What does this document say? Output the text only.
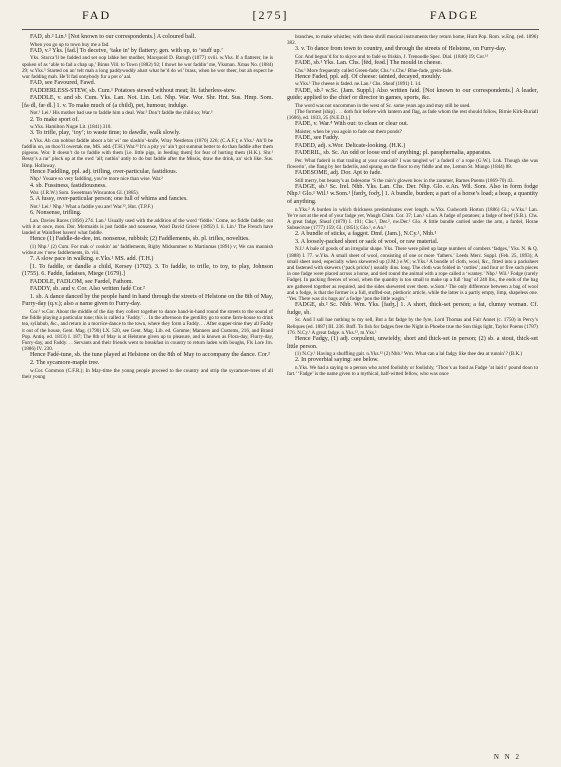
FAD	[275]	FADGE

FAD, sb.² Lin.¹ [Not known to our correspondents.] A coloured ball.

When you go up to town buy me a fad.

FAD, v.² Yks. [fad.] To deceive, ‘take in’ by flattery; gen. with up, to ‘stuff up.’

Yks. Stacca’ll be fadded and set oop lahke her mudher, Macquoid D. Barugh (1877) xviii. w.Yks. If a flatterer, he is spoken of as ‘able to fad a chap up,’ Binns Vill. to Town (1882) 92; I thowt he wor faddin’ me, Yksman. Xmas No. (1884) 29; w.Yks.⁵ Started on an’ telt mah a long paddywoddy abart what he’d do wi’ brass, when he wor theer, but ah expect he wur fadding mah. He’ll fad onnybody fur a pot o’ aal.

FAD, see Favoured, Fawd.

FADDERLESS-STEW, sb. Cum.¹ Potatoes stewed without meat; lit. fatherless-stew.

FADDLE, v. and sb. Cum. Yks. Lan. Not. Lin. Lei. Nhp. War. Wor. Shr. Hnt. Sus. Hmp. Som. [fa·dl, fæ·dl.] 1. v. To make much of (a child), pet, humour, indulge.

Not.¹ Lei.¹ His mother had use to faddle him a deal. War.² Don’t faddle the child so; War.³

2. To make sport of.

w.Yks. Hamilton Nugæ Lit. (1841) 310.

3. To trifle, play, ‘toy’; to waste time; to dawdle, walk slowly.

e.Yks. Ah can nobbut faddle aboot a bit wi’ me slashin’-knife, Wray Nestleton (1876) 226; (C.A.F.); e.Yks.¹ Ah’ll be faddlin on, an thoo’ll owertak me, MS. add. (T.H.) War.²³ It’s a pity yo’ ain’t got summat better to do than faddle after them pigeons. Wor. It doesn’t do to faddle with them [i.e. little pigs, in feeding them] for fear of hurting them (H.K.). Shr.¹ Bessy’s a rar’ pluck up at the owd ’all; nuthin’ antly to do but faddle after the Missis, draw the drink, an’ sich like. Sus. Hmp. Holloway.

Hence Faddling, ppl. adj. trifling, over-particular, fastidious.

Nhp.¹ Youare so very faddling, you’re more nice than wise. War.²

4. sb. Fussiness, fastidiousness.

War. (J.R.W.) Som. Sweetman Wincanton Gl. (1885).

5. A fussy, over-particular person; one full of whims and fancies.

Not.¹ Lei.¹ Nhp.¹ What a faddle you are! War.²³, Hnt. (T.P.F.)

6. Nonsense, trifling.

Lan. Davies Races (1856) 274. Lan.¹ Usually used with the addition of the word ‘fiddle.’ Come, no fiddle faddle; out with it at once, mon. Dor. Mormaids is just faddle and nonsense, Ward David Grieve (1892) I. ii. Lin.¹ The French have landed at Wainfleet haven! what faddle.

Hence (1) Faddle-de-dee, int. nonsense, rubbish; (2) Faddlements, sb. pl. trifles, novelties.

(1) Nhp.¹ (2) Cum. For mak o’ cookin’ an’ faddlements, Rigby Midsummer to Martinmas (1891) v; We can mannish widout aw t’new faddlements, ib. viii.

7. A slow pace in walking. e.Yks.¹ MS. add. (T.H.)

[1. To faddle, or dandle a child, Kersey (1702). 3. To faddle, to trifle, to toy, to play, Johnson (1755). 6. Fadde, fadaises, Miege (1679).]

FADDLE, FADLOM, see Fardel, Fathom.

FADDY, sb. and v. Cor. Also written fadé Cor.²

1. sb. A dance danced by the people hand in hand through the streets of Helstone on the 8th of May, Furry-day (q.v.); also a name given to Furry-day.

Cor.² w.Cor. About the middle of the day they collect together to dance hand-in-hand round the streets to the sound of the fiddle playing a particular tune; this is called a ‘Faddy.’ . . In the afternoon the gentility go to some farm-house to drink tea, syllabub, &c., and return in a morrice-dance to the town, where they form a Faddy. . . After supper-time they all Faddy it out of the house, Gent. Mag. (1790) LX. 520, see Gent. Mag. Lib. ed. Gomme; Manners and Customs, 216, and Brand Pop. Antiq. ed. 1813) I. 187; The 8th of May is at Helstone given up to pleasure, and is known as Flora-day, Flurry-day, Furry-day, and Faddy. . . Servants and their friends went to breakfast in country to return laden with boughs, Fls Lore Jrn. (1886) IV. 230.

Hence Fadé-tune, sb. the tune played at Helstone on the 8th of May to accompany the dance. Cor.²

2. The sycamore-maple tree.

w.Cor. Common (C.F.R.); In May-time the young people proceed to the country and strip the sycamore-trees of all their young

branches, to make whistles; with these shrill musical instruments they return home, Hunt Pop. Rom. w.Eng. (ed. 1896) 382.

3. v. To dance from town to country, and through the streets of Helstone, on Furry-day.

Cor. And begun’d for to skyce and to fadé so friskin, J. Trenoodle Spec. Dial. (1846) 19; Cor.¹²

FADE, sb.¹ Yks. Lan. Chs. [fēd, feəd.] The mould in cheese.

Chs.¹ More frequently called Green-fade; Chs.³ s.Chs.¹ Blue-fade, grein-fade.

Hence Faded, ppl. adj. Of cheese: tainted, decayed, mouldy.

w.Yks.¹ The cheese is faded. ne.Lan.¹ Chs. Sheaf (1891) I. 14.

FADE, sb.² w.Sc. (Jam. Suppl.) Also written faid. [Not known to our correspondents.] A leader, guide; applied to the chief or director in games, sports, &c.

The word was not uncommon in the west of Sc. some years ago and may still be used.

[The formest [ship] . . . doth fuir before with lantern and flag, as fade whom the rest should follow, Birnie Kirk-Buriall (1606), ed. 1833, 25 (N.E.D.).]

FADE, v. War.⁴ With out: to clean or clear out.

Maister, when be you agoin to fade out them ponds?

FADE, see Faddy.

FADED, adj. s.Wor. Delicate-looking. (H.K.)

FADERIL, sb. Sc. An odd or loose end of anything; pl. paraphernalia, apparatus.

Per. What faderil is that trailing at your coat-tail? I was tangled wi’ a faderil o’ a rope (G.W.). Lnk. Though she was flowerin’, she flang by her faderils, and sprang on the floor to my fiddle and me, Lemon St. Mungo (1844) 88.

FADESOME, adj. Dor. Apt to fade.

Still merry, but beauty’s as fadesome ’S the rain’s glowen bow in the zummer, Barnes Poems (1869-70) 43.

FADGE, sb.¹ Sc. Irel. Nhb. Yks. Lan. Chs. Der. Nhp. Glo. e.An. Wil. Som. Also in form fodge Nhp.¹ Glo.¹ Wil.¹ w.Som.¹ [fædʒ, fodʒ.] 1. A bundle, burden; a part of a horse’s load; a heap, a quantity of anything.

n.Yks.² A burden in which thickness predominates over length. w.Yks. Cudworth Horton (1886) Gl.; w.Yks.¹ Lan. Ye’re not at the end of your fadge yet, Waugh Chim. Cor. 37; Lan.¹ s.Lan. A fadge of potatoes; a fadge of beef (S.B.). Chs. A great fadge, Sheaf (1879) I. 191; Chs.¹, Der.², nw.Der.¹ Glo. A little bundle carried under the arm, a fardel, Horae Subsecivae (1777) 159; Gl. (1851); Glo.¹, e.An.¹

2. A bundle of sticks, a faggot. Dmf. (Jam.), N.Cy.¹, Nhb.¹

3. A loosely-packed sheet or sack of wool, or raw material.

N.I.¹ A bale of goods of an irregular shape. Yks. There were piled up large numbers of combers ‘fadges,’ Yks. N. & Q. (1888) I. 77. w.Yks. A small sheet of wool, consisting of one or more ‘fathers.’ Leeds Merc. Suppl. (Feb. 25, 1893); A small sheet used, especially when skewered up (J.M.) e.W.; w.Yks.² A bundle of cloth, wool, &c., fitted into a packsheet and fastened with skewers (‘pack pricks’) usually 4ins. long. The cloth was folded in ‘cuttles’; and four or five such pieces in one fadge were placed across a horse, and tied round the animal with a rope called a ‘wantey.’ Nhp.¹ Wil.¹ Fodge (rarely Fadge). In packing fleeces of wool, when the quantity is too small to make up a full ‘bag’ of 240 lbs., the ends of the bag are gathered together as required, and the sides skewered over them. w.Som.¹ The only difference between a bag of wool and a fodge, is that the former is a full, stuffed-out, plethoric article, while the latter is a partly empty, limp, shapeless one. ‘Yes. There was zix bags an’ a fodge ’pon the little wagin.’

FADGE, sb.² Sc. Nhb. Wm. Yks. [fadʒ.] 1. A short, thick-set person; a fat, clumsy woman. Cf. fudge, sb.

Sc. And I sall hae nothing to my sell, But a fat fadge by the fyre, Lord Thomas and Fair Annet (c. 1750) in Percy’s Reliques (ed. 1887) III. 236. Bnff. To fish for fadges free the Night in Phoebe true the Son thigs light, Taylor Poems (1787) 176. N.Cy.¹ A great fadge. n.Yks.¹², m.Yks.¹

Hence Fadgy, (1) adj. corpulent, unwieldy, short and thick-set in person; (2) sb. a stout, thick-set little person.

(1) N.Cy.¹ Having a shuffling gait. n.Yks.¹² (2) Nhb.¹ Wm. What can a lal fadgy like thee dea at runnin’? (B.K.)

2. In proverbial saying: see below.

n.Yks. We had a saying to a person who acted foolishly or foolishly, ‘Thoo’s as fond as Fadge ’at laid t’ pound doon to fart.’ ‘Fadge’ is the name given to a mythical, half-witted fellow, who was once

N N 2
